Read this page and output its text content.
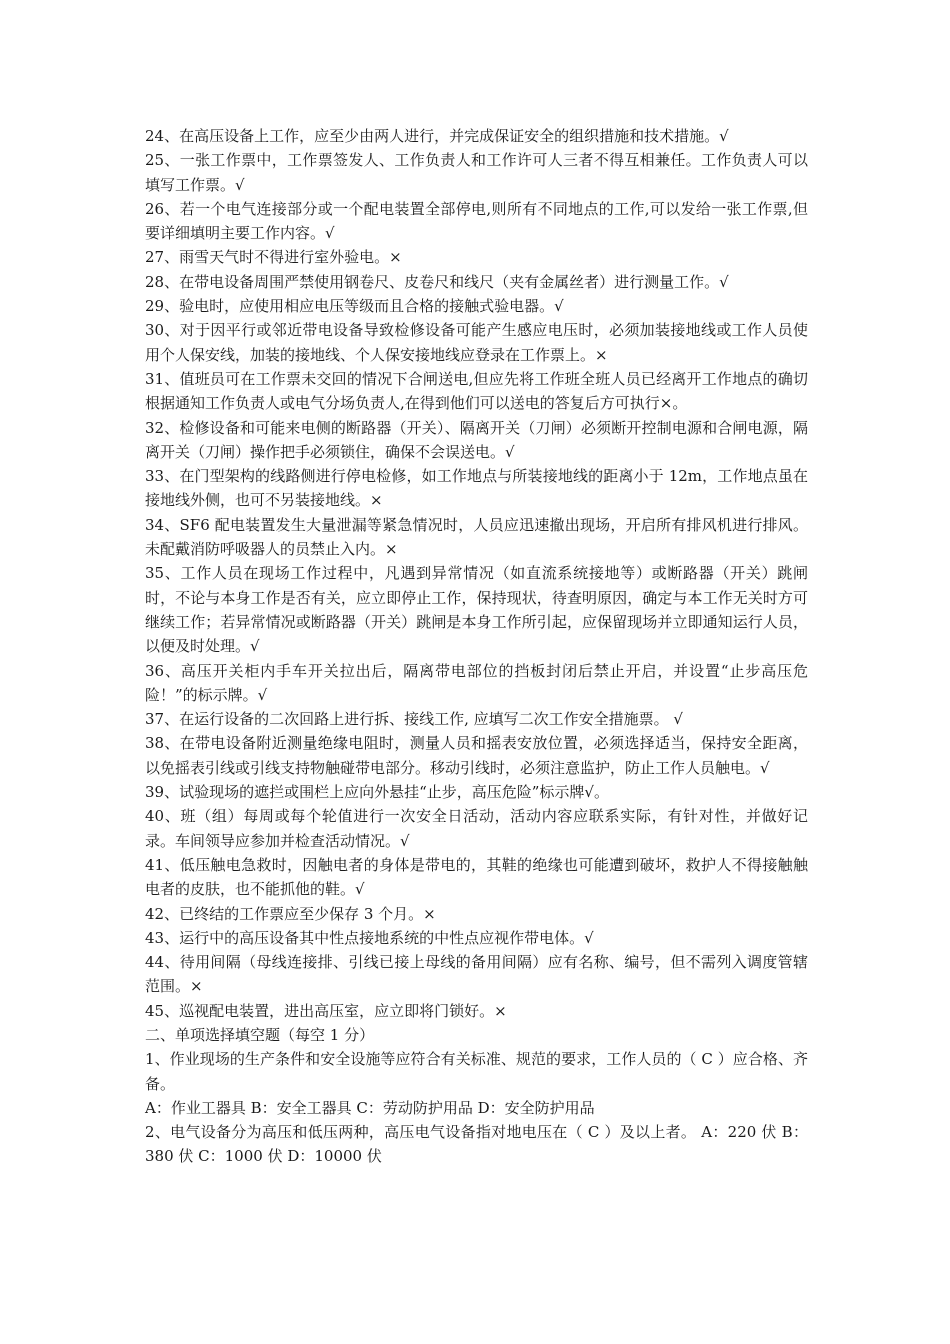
24、在高压设备上工作，应至少由两人进行，并完成保证安全的组织措施和技术措施。√

25、一张工作票中，工作票签发人、工作负责人和工作许可人三者不得互相兼任。工作负责人可以填写工作票。√

26、若一个电气连接部分或一个配电装置全部停电,则所有不同地点的工作,可以发给一张工作票,但要详细填明主要工作内容。√

27、雨雪天气时不得进行室外验电。×

28、在带电设备周围严禁使用钢卷尺、皮卷尺和线尺（夹有金属丝者）进行测量工作。√

29、验电时，应使用相应电压等级而且合格的接触式验电器。√

30、对于因平行或邻近带电设备导致检修设备可能产生感应电压时，必须加装接地线或工作人员使用个人保安线，加装的接地线、个人保安接地线应登录在工作票上。×

31、值班员可在工作票未交回的情况下合闸送电,但应先将工作班全班人员已经离开工作地点的确切根据通知工作负责人或电气分场负责人,在得到他们可以送电的答复后方可执行×。

32、检修设备和可能来电侧的断路器（开关）、隔离开关（刀闸）必须断开控制电源和合闸电源，隔离开关（刀闸）操作把手必须锁住，确保不会误送电。√

33、在门型架构的线路侧进行停电检修，如工作地点与所装接地线的距离小于 12m，工作地点虽在接地线外侧，也可不另装接地线。×

34、SF6 配电装置发生大量泄漏等紧急情况时，人员应迅速撤出现场，开启所有排风机进行排风。未配戴消防呼吸器人的员禁止入内。×

35、工作人员在现场工作过程中，凡遇到异常情况（如直流系统接地等）或断路器（开关）跳闸时，不论与本身工作是否有关，应立即停止工作，保持现状，待查明原因，确定与本工作无关时方可继续工作；若异常情况或断路器（开关）跳闸是本身工作所引起，应保留现场并立即通知运行人员，以便及时处理。√

36、高压开关柜内手车开关拉出后，隔离带电部位的挡板封闭后禁止开启，并设置“止步高压危险！”的标示牌。√

37、在运行设备的二次回路上进行拆、接线工作, 应填写二次工作安全措施票。 √

38、在带电设备附近测量绝缘电阻时，测量人员和摇表安放位置，必须选择适当，保持安全距离，以免摇表引线或引线支持物触碰带电部分。移动引线时，必须注意监护，防止工作人员触电。√

39、试验现场的遮拦或围栏上应向外悬挂“止步，高压危险”标示牌√。

40、班（组）每周或每个轮值进行一次安全日活动，活动内容应联系实际，有针对性，并做好记录。车间领导应参加并检查活动情况。√

41、低压触电急救时，因触电者的身体是带电的，其鞋的绝缘也可能遭到破坏，救护人不得接触触电者的皮肤，也不能抓他的鞋。√

42、已终结的工作票应至少保存 3 个月。×

43、运行中的高压设备其中性点接地系统的中性点应视作带电体。√

44、待用间隔（母线连接排、引线已接上母线的备用间隔）应有名称、编号，但不需列入调度管辖范围。×

45、巡视配电装置，进出高压室，应立即将门锁好。×

二、单项选择填空题（每空 1 分）

1、作业现场的生产条件和安全设施等应符合有关标准、规范的要求，工作人员的（ C ）应合格、齐备。

A：作业工器具 B：安全工器具 C：劳动防护用品 D：安全防护用品

2、电气设备分为高压和低压两种，高压电气设备指对地电压在（ C ）及以上者。 A：220 伏 B：380 伏 C：1000 伏 D：10000 伏
